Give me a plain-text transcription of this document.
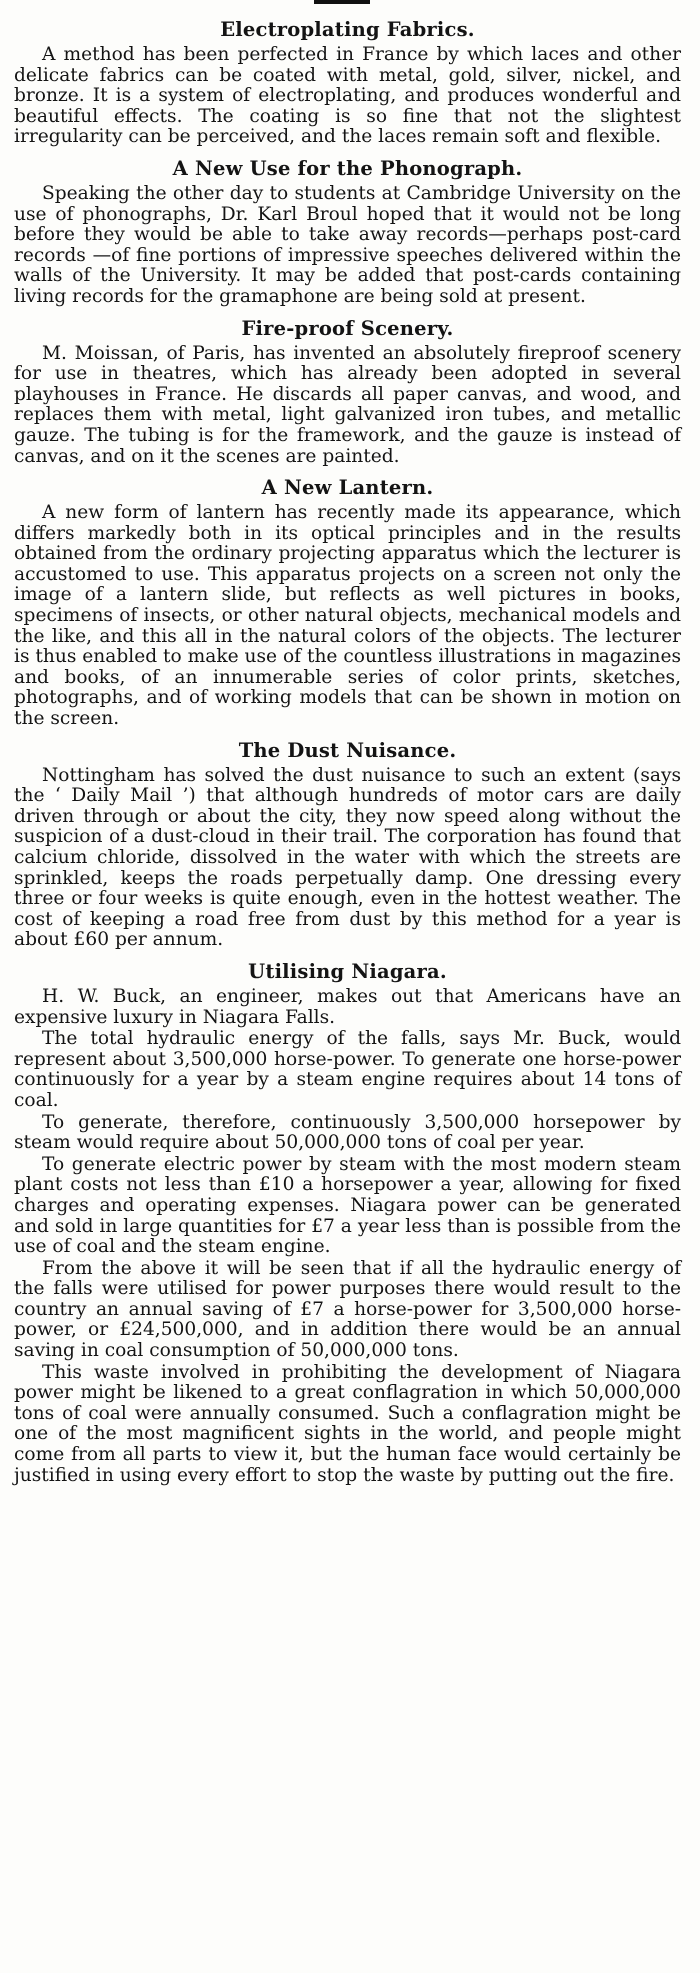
Electroplating Fabrics.

A method has been perfected in France by which laces and other delicate fabrics can be coated with metal, gold, silver, nickel, and bronze. It is a system of electroplating, and produces wonderful and beautiful effects. The coating is so fine that not the slightest irregularity can be perceived, and the laces remain soft and flexible.

A New Use for the Phonograph.

Speaking the other day to students at Cambridge University on the use of phonographs, Dr. Karl Broul hoped that it would not be long before they would be able to take away records—perhaps post-card records —of fine portions of impressive speeches delivered within the walls of the University. It may be added that post-cards containing living records for the gramaphone are being sold at present.

Fire-proof Scenery.

M. Moissan, of Paris, has invented an absolutely fireproof scenery for use in theatres, which has already been adopted in several playhouses in France. He discards all paper canvas, and wood, and replaces them with metal, light galvanized iron tubes, and metallic gauze. The tubing is for the framework, and the gauze is instead of canvas, and on it the scenes are painted.

A New Lantern.

A new form of lantern has recently made its appearance, which differs markedly both in its optical principles and in the results obtained from the ordinary projecting apparatus which the lecturer is accustomed to use. This apparatus projects on a screen not only the image of a lantern slide, but reflects as well pictures in books, specimens of insects, or other natural objects, mechanical models and the like, and this all in the natural colors of the objects. The lecturer is thus enabled to make use of the countless illustrations in magazines and books, of an innumerable series of color prints, sketches, photographs, and of working models that can be shown in motion on the screen.

The Dust Nuisance.

Nottingham has solved the dust nuisance to such an extent (says the ‘ Daily Mail ’) that although hundreds of motor cars are daily driven through or about the city, they now speed along without the suspicion of a dust-cloud in their trail. The corporation has found that calcium chloride, dissolved in the water with which the streets are sprinkled, keeps the roads perpetually damp. One dressing every three or four weeks is quite enough, even in the hottest weather. The cost of keeping a road free from dust by this method for a year is about £60 per annum.

Utilising Niagara.

H. W. Buck, an engineer, makes out that Americans have an expensive luxury in Niagara Falls.

The total hydraulic energy of the falls, says Mr. Buck, would represent about 3,500,000 horse-power. To generate one horse-power continuously for a year by a steam engine requires about 14 tons of coal.

To generate, therefore, continuously 3,500,000 horsepower by steam would require about 50,000,000 tons of coal per year.

To generate electric power by steam with the most modern steam plant costs not less than £10 a horsepower a year, allowing for fixed charges and operating expenses. Niagara power can be generated and sold in large quantities for £7 a year less than is possible from the use of coal and the steam engine.

From the above it will be seen that if all the hydraulic energy of the falls were utilised for power purposes there would result to the country an annual saving of £7 a horse-power for 3,500,000 horse-power, or £24,500,000, and in addition there would be an annual saving in coal consumption of 50,000,000 tons.

This waste involved in prohibiting the development of Niagara power might be likened to a great conflagration in which 50,000,000 tons of coal were annually consumed. Such a conflagration might be one of the most magnificent sights in the world, and people might come from all parts to view it, but the human face would certainly be justified in using every effort to stop the waste by putting out the fire.
